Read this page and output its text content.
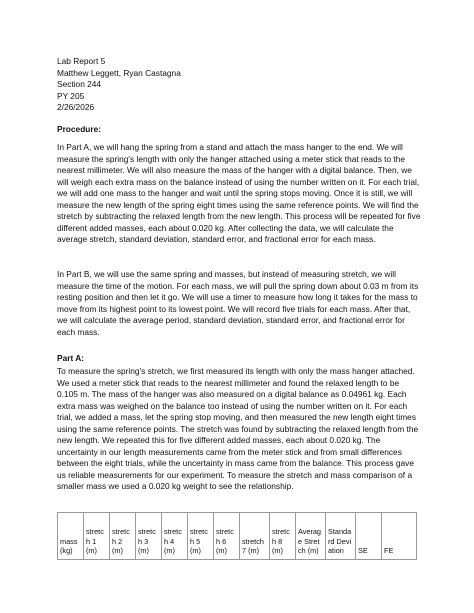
Lab Report 5

Matthew Leggett, Ryan Castagna

Section 244

PY 205

2/26/2026

Procedure:
In Part A, we will hang the spring from a stand and attach the mass hanger to the end. We will measure the spring's length with only the hanger attached using a meter stick that reads to the nearest millimeter. We will also measure the mass of the hanger with a digital balance. Then, we will weigh each extra mass on the balance instead of using the number written on it. For each trial, we will add one mass to the hanger and wait until the spring stops moving. Once it is still, we will measure the new length of the spring eight times using the same reference points. We will find the stretch by subtracting the relaxed length from the new length. This process will be repeated for five different added masses, each about 0.020 kg. After collecting the data, we will calculate the average stretch, standard deviation, standard error, and fractional error for each mass.
In Part B, we will use the same spring and masses, but instead of measuring stretch, we will measure the time of the motion. For each mass, we will pull the spring down about 0.03 m from its resting position and then let it go. We will use a timer to measure how long it takes for the mass to move from its highest point to its lowest point. We will record five trials for each mass. After that, we will calculate the average period, standard deviation, standard error, and fractional error for each mass.
Part A:
To measure the spring's stretch, we first measured its length with only the mass hanger attached. We used a meter stick that reads to the nearest millimeter and found the relaxed length to be 0.105 m. The mass of the hanger was also measured on a digital balance as 0.04961 kg. Each extra mass was weighed on the balance too instead of using the number written on it. For each trial, we added a mass, let the spring stop moving, and then measured the new length eight times using the same reference points. The stretch was found by subtracting the relaxed length from the new length. We repeated this for five different added masses, each about 0.020 kg. The uncertainty in our length measurements came from the meter stick and from small differences between the eight trials, while the uncertainty in mass came from the balance. This process gave us reliable measurements for our experiment. To measure the stretch and mass comparison of a smaller mass we used a 0.020 kg weight to see the relationship.
mass (kg)	stretch 1 (m)	stretch 2 (m)	stretch 3 (m)	stretch 4 (m)	stretch 5 (m)	stretch 6 (m)	stretch 7 (m)	stretch 8 (m)	Average Stretch (m)	Standard Deviation	SE	FE
